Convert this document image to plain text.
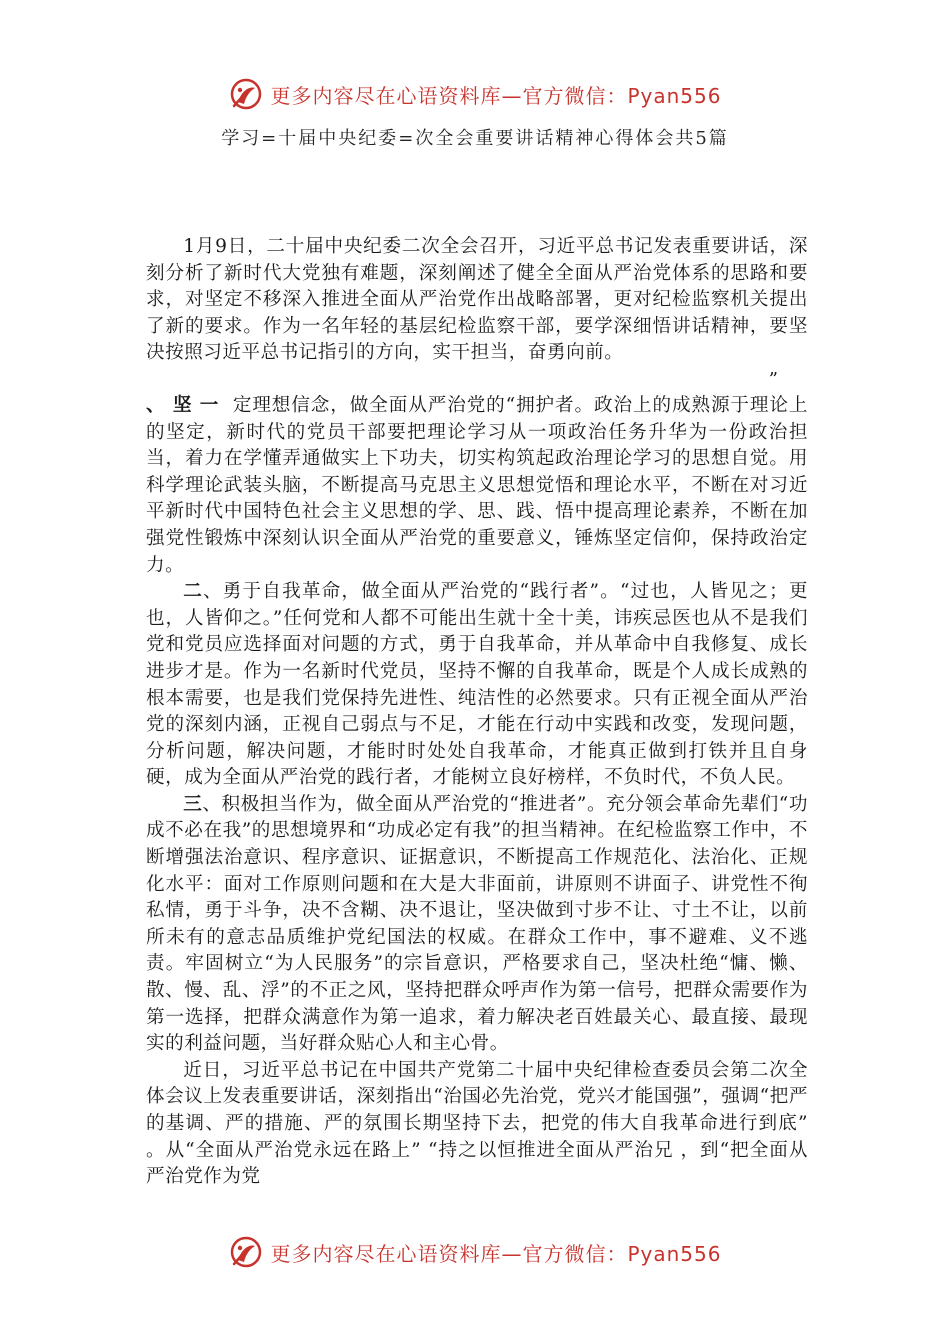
更多内容尽在心语资料库—官方微信：Pyan556
学习=十届中央纪委=次全会重要讲话精神心得体会共5篇

1月9日，二十届中央纪委二次全会召开，习近平总书记发表重要讲话，深刻分析了新时代大党独有难题，深刻阐述了健全全面从严治党体系的思路和要求，对坚定不移深入推进全面从严治党作出战略部署，更对纪检监察机关提出了新的要求。作为一名年轻的基层纪检监察干部，要学深细悟讲话精神，要坚决按照习近平总书记指引的方向，实干担当，奋勇向前。

”

、 坚 一 定理想信念，做全面从严治党的“拥护者。政治上的成熟源于理论上的坚定，新时代的党员干部要把理论学习从一项政治任务升华为一份政治担当，着力在学懂弄通做实上下功夫，切实构筑起政治理论学习的思想自觉。用科学理论武装头脑，不断提高马克思主义思想觉悟和理论水平，不断在对习近平新时代中国特色社会主义思想的学、思、践、悟中提高理论素养，不断在加强党性锻炼中深刻认识全面从严治党的重要意义，锤炼坚定信仰，保持政治定力。

二、勇于自我革命，做全面从严治党的“践行者”。“过也，人皆见之；更也，人皆仰之。”任何党和人都不可能出生就十全十美，讳疾忌医也从不是我们党和党员应选择面对问题的方式，勇于自我革命，并从革命中自我修复、成长进步才是。作为一名新时代党员，坚持不懈的自我革命，既是个人成长成熟的根本需要，也是我们党保持先进性、纯洁性的必然要求。只有正视全面从严治党的深刻内涵，正视自己弱点与不足，才能在行动中实践和改变，发现问题，分析问题，解决问题，才能时时处处自我革命，才能真正做到打铁并且自身硬，成为全面从严治党的践行者，才能树立良好榜样，不负时代，不负人民。

三、积极担当作为，做全面从严治党的“推进者”。充分领会革命先辈们“功成不必在我”的思想境界和“功成必定有我”的担当精神。在纪检监察工作中，不断增强法治意识、程序意识、证据意识，不断提高工作规范化、法治化、正规化水平：面对工作原则问题和在大是大非面前，讲原则不讲面子、讲党性不徇私情，勇于斗争，决不含糊、决不退让，坚决做到寸步不让、寸土不让，以前所未有的意志品质维护党纪国法的权威。在群众工作中，事不避难、义不逃责。牢固树立“为人民服务”的宗旨意识，严格要求自己，坚决杜绝“慵、懒、散、慢、乱、浮”的不正之风，坚持把群众呼声作为第一信号，把群众需要作为第一选择，把群众满意作为第一追求，着力解决老百姓最关心、最直接、最现实的利益问题，当好群众贴心人和主心骨。

近日，习近平总书记在中国共产党第二十届中央纪律检查委员会第二次全体会议上发表重要讲话，深刻指出“治国必先治党，党兴才能国强”，强调“把严的基调、严的措施、严的氛围长期坚持下去，把党的伟大自我革命进行到底” 。从“全面从严治党永远在路上” “持之以恒推进全面从严治兄 ，到“把全面从严治党作为党

更多内容尽在心语资料库—官方微信：Pyan556
